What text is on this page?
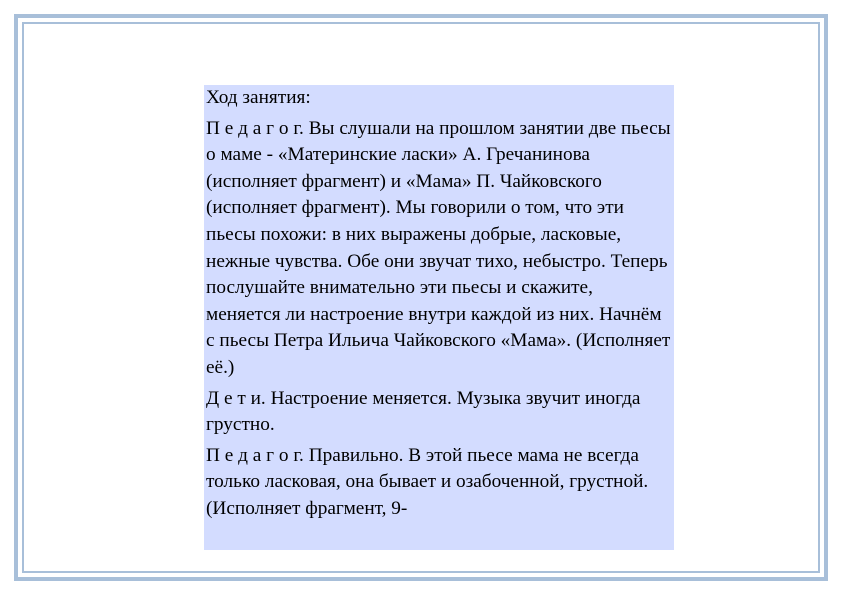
Ход занятия:

П е д а г о г. Вы слушали на прошлом занятии две пьесы о маме - «Материнские ласки» А. Гречанинова (исполняет фрагмент) и «Мама» П. Чайковского (исполняет фрагмент). Мы говорили о том, что эти пьесы похожи: в них выражены добрые, ласковые, нежные чувства. Обе они звучат тихо, небыстро. Теперь послушайте внимательно эти пьесы и скажите, меняется ли настроение внутри каждой из них. Начнём с пьесы Петра Ильича Чайковского «Мама». (Исполняет её.)

Д е т и. Настроение меняется. Музыка звучит иногда грустно.

П е д а г о г. Правильно. В этой пьесе мама не всегда только ласковая, она бывает и озабоченной, грустной. (Исполняет фрагмент, 9-
